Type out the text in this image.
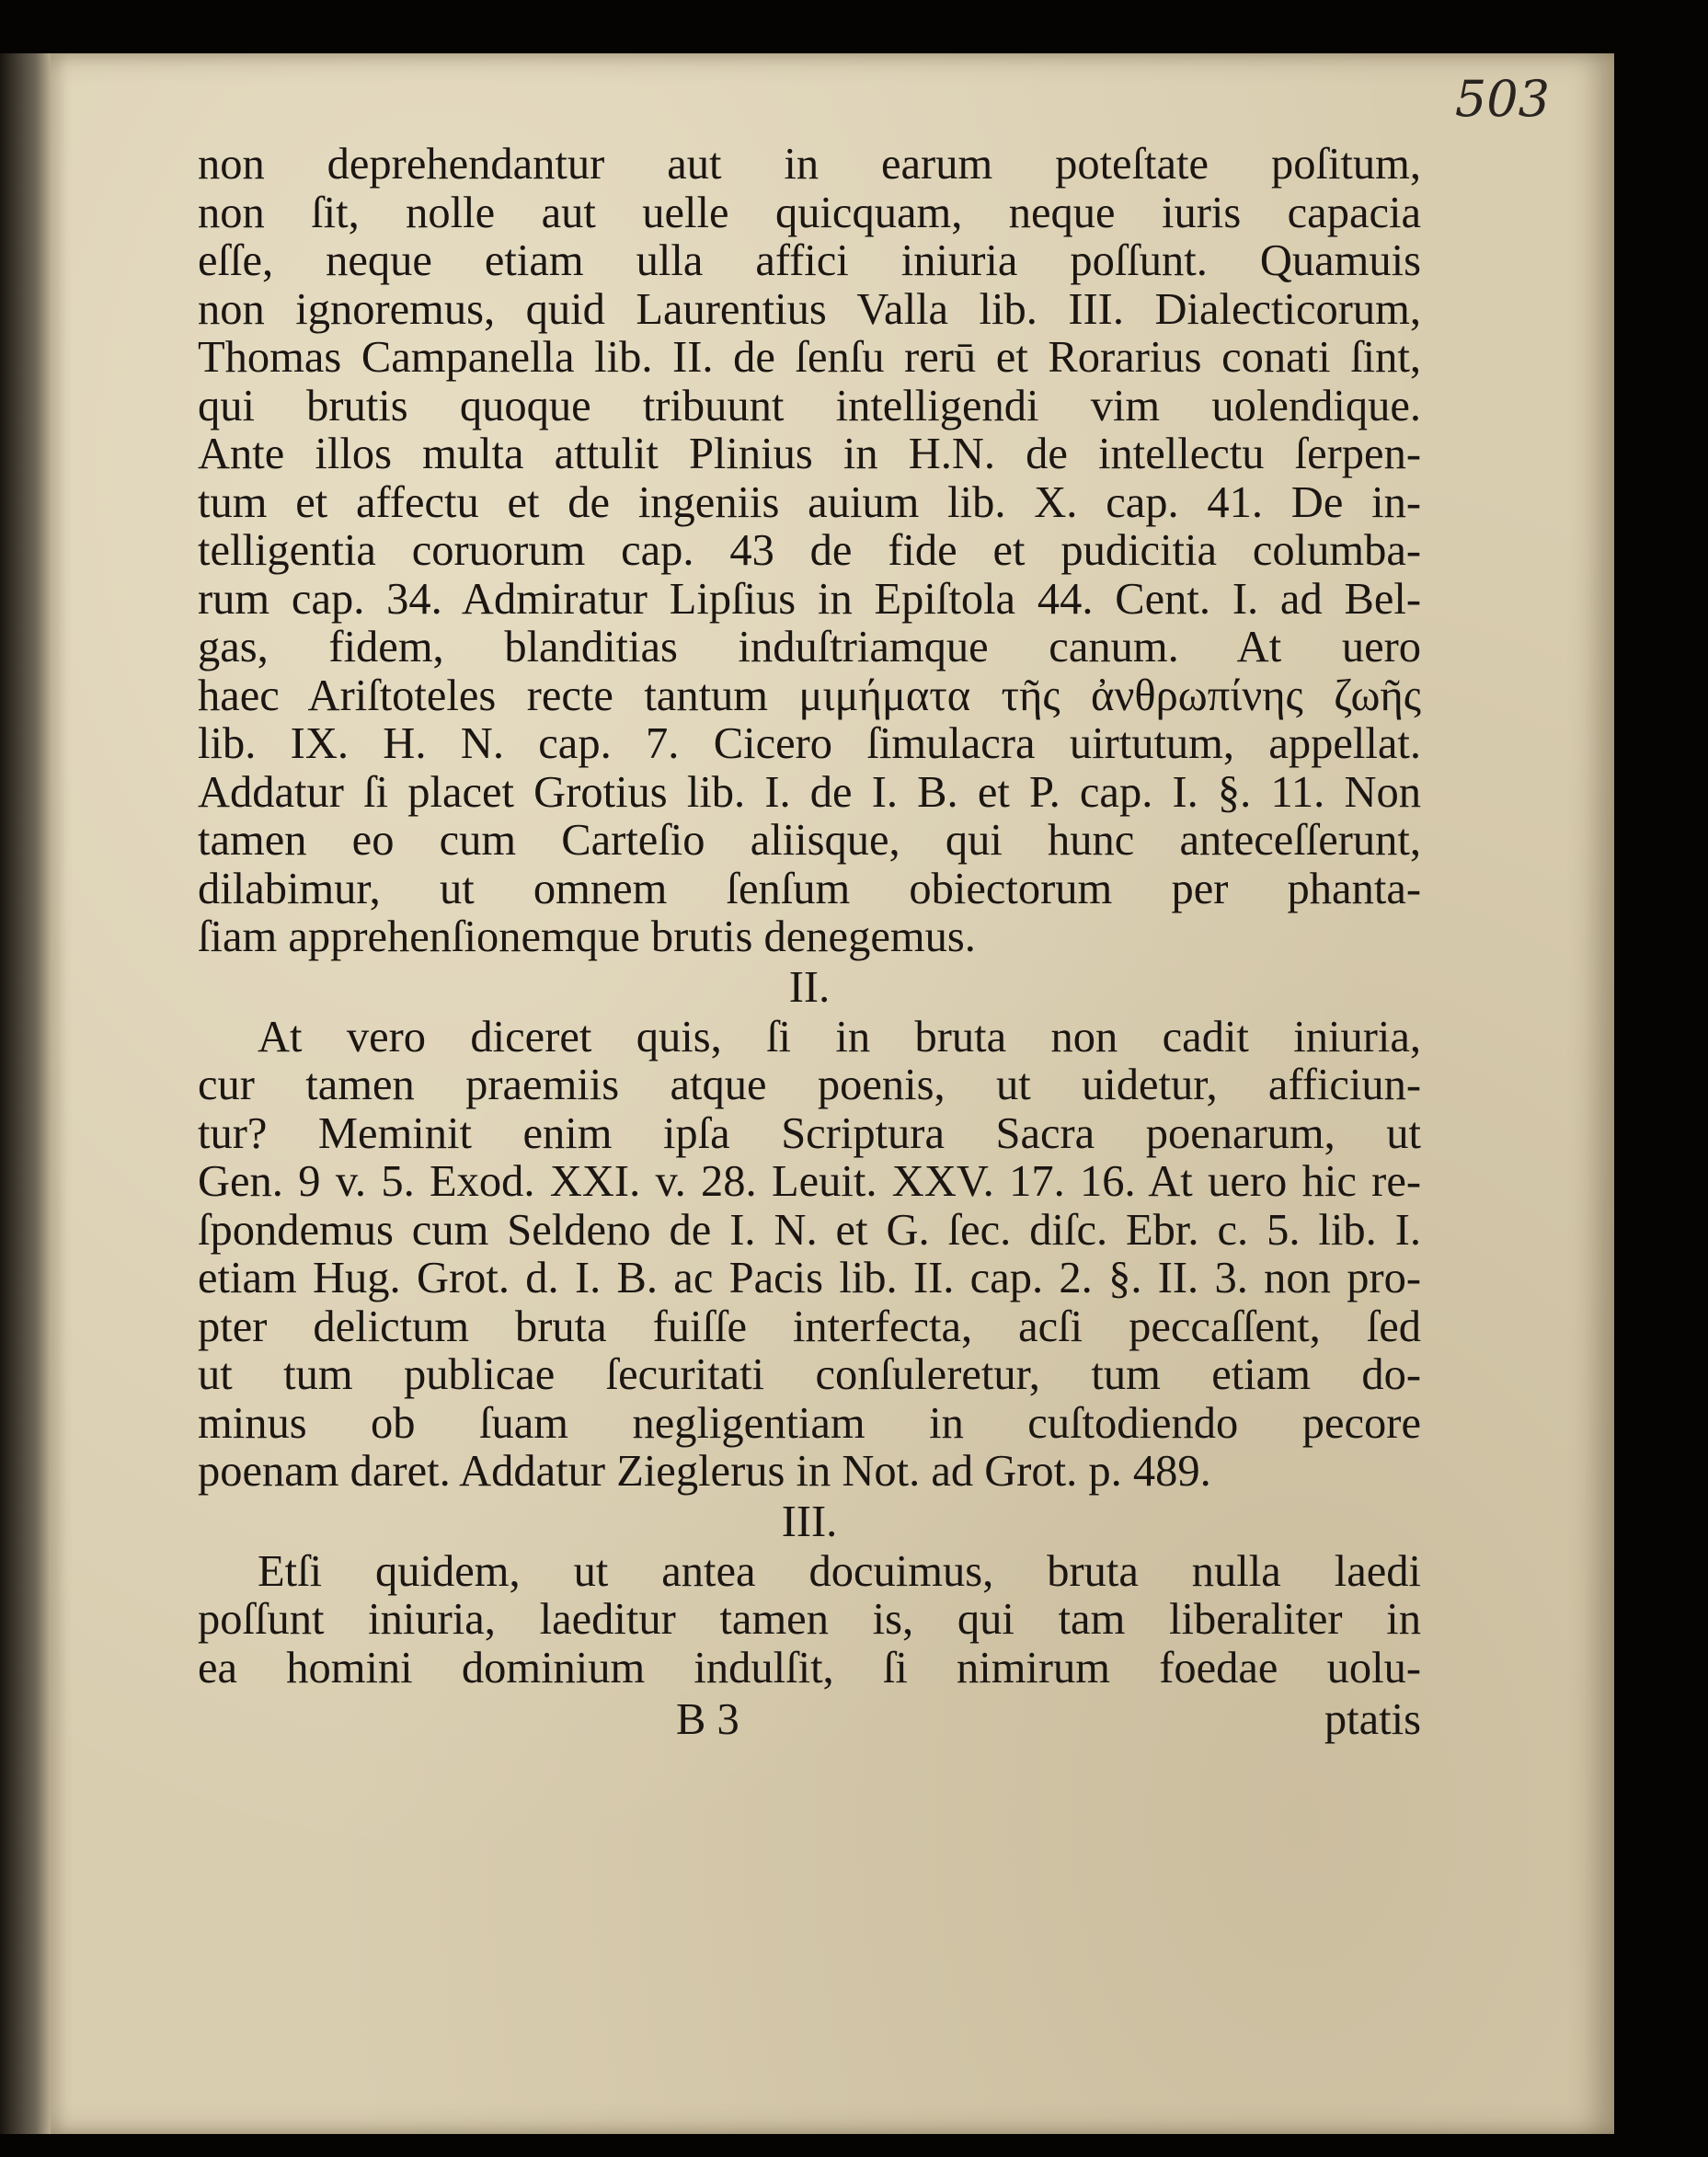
503
non deprehendantur aut in earum poteſtate poſitum,
non ſit, nolle aut uelle quicquam, neque iuris capacia
eſſe, neque etiam ulla affici iniuria poſſunt. Quamuis
non ignoremus, quid Laurentius Valla lib. III. Dialecticorum,
Thomas Campanella lib. II. de ſenſu rerū et Rorarius conati ſint,
qui brutis quoque tribuunt intelligendi vim uolendique.
Ante illos multa attulit Plinius in H.N. de intellectu ſerpen-
tum et affectu et de ingeniis auium lib. X. cap. 41. De in-
telligentia coruorum cap. 43 de fide et pudicitia columba-
rum cap. 34. Admiratur Lipſius in Epiſtola 44. Cent. I. ad Bel-
gas, fidem, blanditias induſtriamque canum. At uero
haec Ariſtoteles recte tantum μιμήματα τῆς ἀνθρωπίνης ζωῆς
lib. IX. H. N. cap. 7. Cicero ſimulacra uirtutum, appellat.
Addatur ſi placet Grotius lib. I. de I. B. et P. cap. I. §. 11. Non
tamen eo cum Carteſio aliisque, qui hunc anteceſſerunt,
dilabimur, ut omnem ſenſum obiectorum per phanta-
ſiam apprehenſionemque brutis denegemus.
II.
At vero diceret quis, ſi in bruta non cadit iniuria,
cur tamen praemiis atque poenis, ut uidetur, afficiun-
tur? Meminit enim ipſa Scriptura Sacra poenarum, ut
Gen. 9 v. 5. Exod. XXI. v. 28. Leuit. XXV. 17. 16. At uero hic re-
ſpondemus cum Seldeno de I. N. et G. ſec. diſc. Ebr. c. 5. lib. I.
etiam Hug. Grot. d. I. B. ac Pacis lib. II. cap. 2. §. II. 3. non pro-
pter delictum bruta fuiſſe interfecta, acſi peccaſſent, ſed
ut tum publicae ſecuritati conſuleretur, tum etiam do-
minus ob ſuam negligentiam in cuſtodiendo pecore
poenam daret. Addatur Zieglerus in Not. ad Grot. p. 489.
III.
Etſi quidem, ut antea docuimus, bruta nulla laedi
poſſunt iniuria, laeditur tamen is, qui tam liberaliter in
ea homini dominium indulſit, ſi nimirum foedae uolu-
B 3	ptatis
